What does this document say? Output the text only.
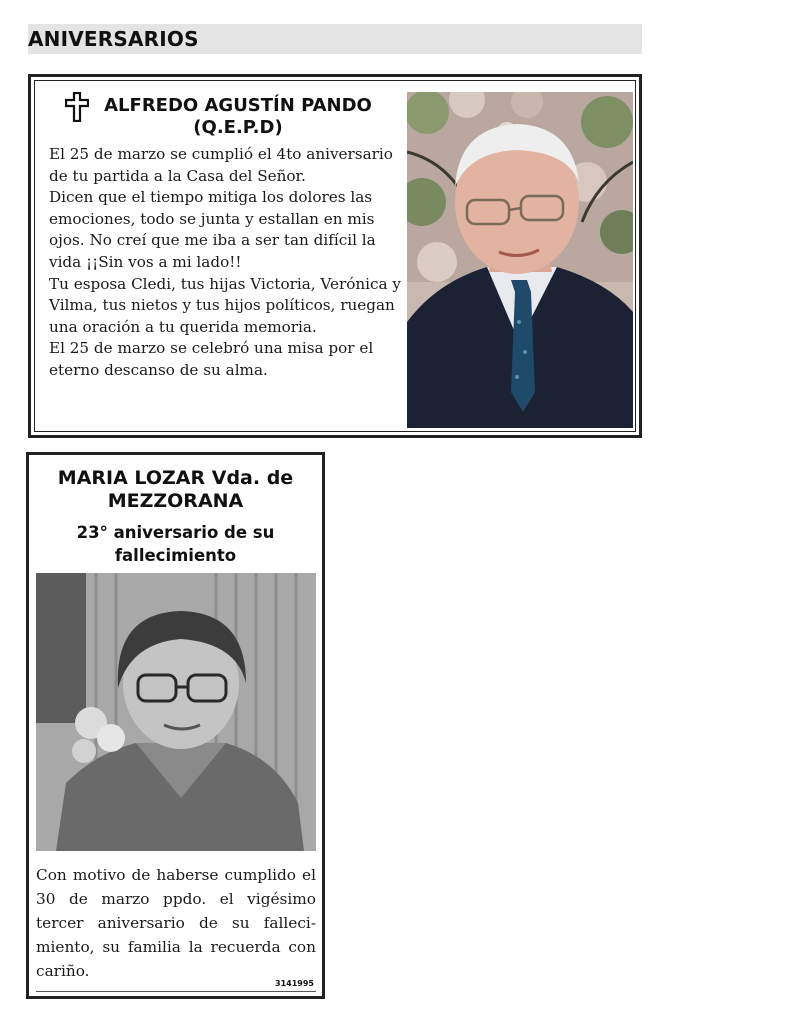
ANIVERSARIOS
ALFREDO AGUSTÍN PANDO
(Q.E.P.D)

El 25 de marzo se cumplió el 4to aniversario de tu partida a la Casa del Señor.

Dicen que el tiempo mitiga los dolores las emociones, todo se junta y estallan en mis ojos. No creí que me iba a ser tan difícil la vida ¡¡Sin vos a mi lado!!

Tu esposa Cledi, tus hijas Victoria, Verónica y Vilma, tus nietos y tus hijos políticos, ruegan una oración a tu querida memoria.

El 25 de marzo se celebró una misa por el eterno descanso de su alma.

MARIA LOZAR Vda. de MEZZORANA
23° aniversario de su fallecimiento
Con motivo de haberse cumplido el 30 de marzo ppdo. el vigésimo tercer aniversario de su falleci-miento, su familia la recuerda con cariño.
3141995
